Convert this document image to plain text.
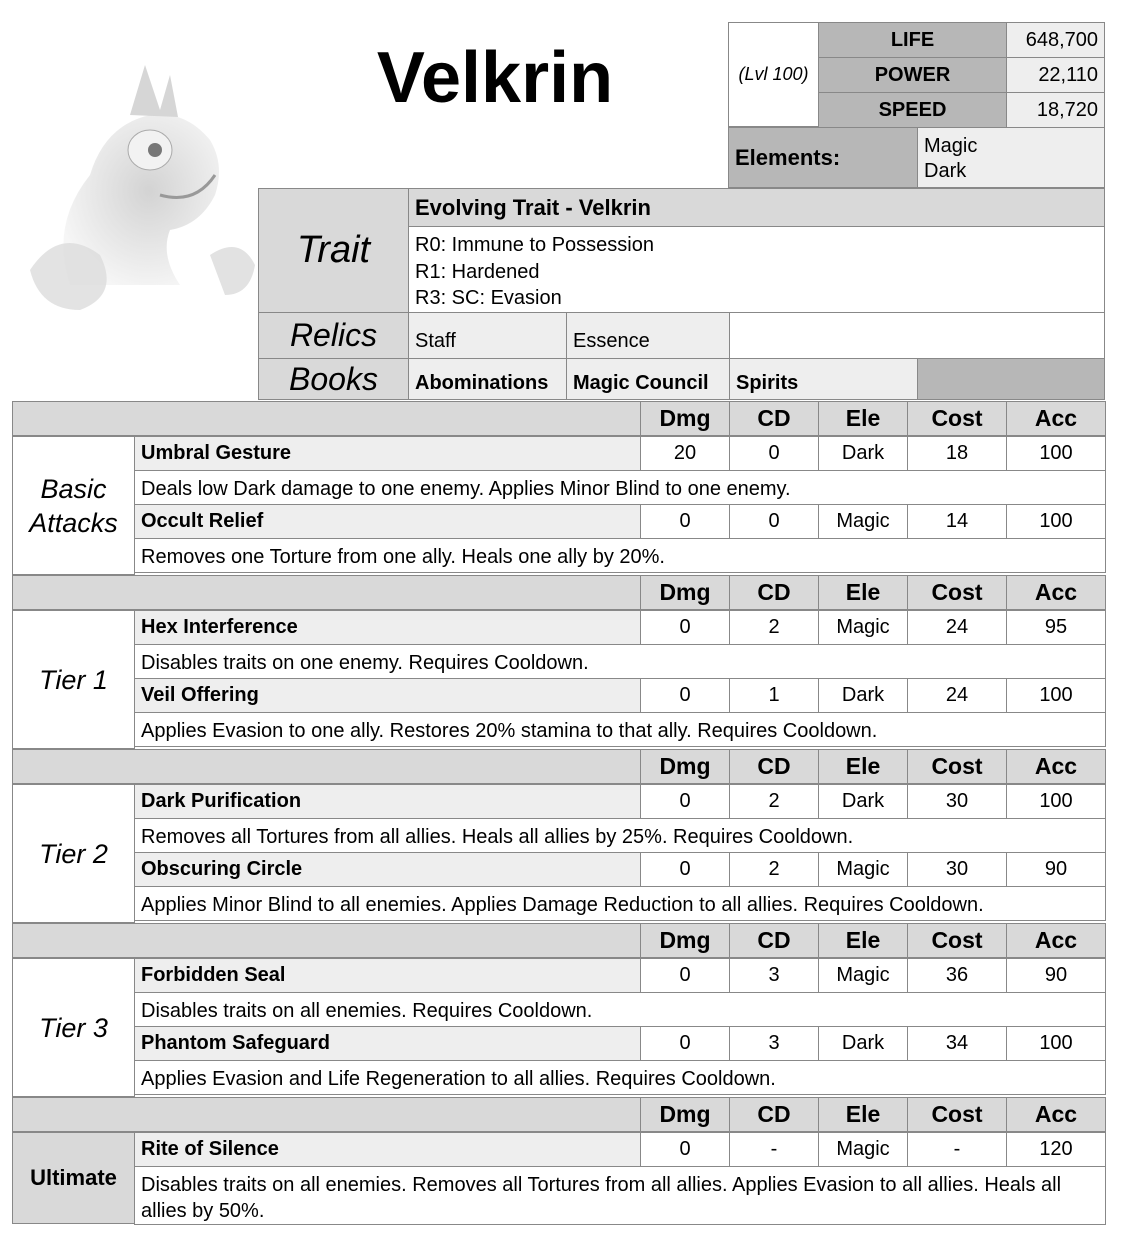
Velkrin	(Lvl 100)
LIFE	648,700
POWER	22,110
SPEED	18,720
Elements:	Magic
Dark
Trait
Evolving Trait - Velkrin
R0: Immune to Possession
R1: Hardened
R3: SC: Evasion
Relics	Staff	Essence
Books	Abominations	Magic Council	Spirits
Dmg	CD	Ele	Cost	Acc
Basic Attacks
Umbral Gesture	20	0	Dark	18	100
Deals low Dark damage to one enemy. Applies Minor Blind to one enemy.
Occult Relief	0	0	Magic	14	100
Removes one Torture from one ally. Heals one ally by 20%.
Dmg	CD	Ele	Cost	Acc
Tier 1
Hex Interference	0	2	Magic	24	95
Disables traits on one enemy. Requires Cooldown.
Veil Offering	0	1	Dark	24	100
Applies Evasion to one ally. Restores 20% stamina to that ally. Requires Cooldown.
Dmg	CD	Ele	Cost	Acc
Tier 2
Dark Purification	0	2	Dark	30	100
Removes all Tortures from all allies. Heals all allies by 25%. Requires Cooldown.
Obscuring Circle	0	2	Magic	30	90
Applies Minor Blind to all enemies. Applies Damage Reduction to all allies. Requires Cooldown.
Dmg	CD	Ele	Cost	Acc
Tier 3
Forbidden Seal	0	3	Magic	36	90
Disables traits on all enemies. Requires Cooldown.
Phantom Safeguard	0	3	Dark	34	100
Applies Evasion and Life Regeneration to all allies. Requires Cooldown.
Dmg	CD	Ele	Cost	Acc
Ultimate
Rite of Silence	0	-	Magic	-	120
Disables traits on all enemies. Removes all Tortures from all allies. Applies Evasion to all allies. Heals all allies by 50%.
